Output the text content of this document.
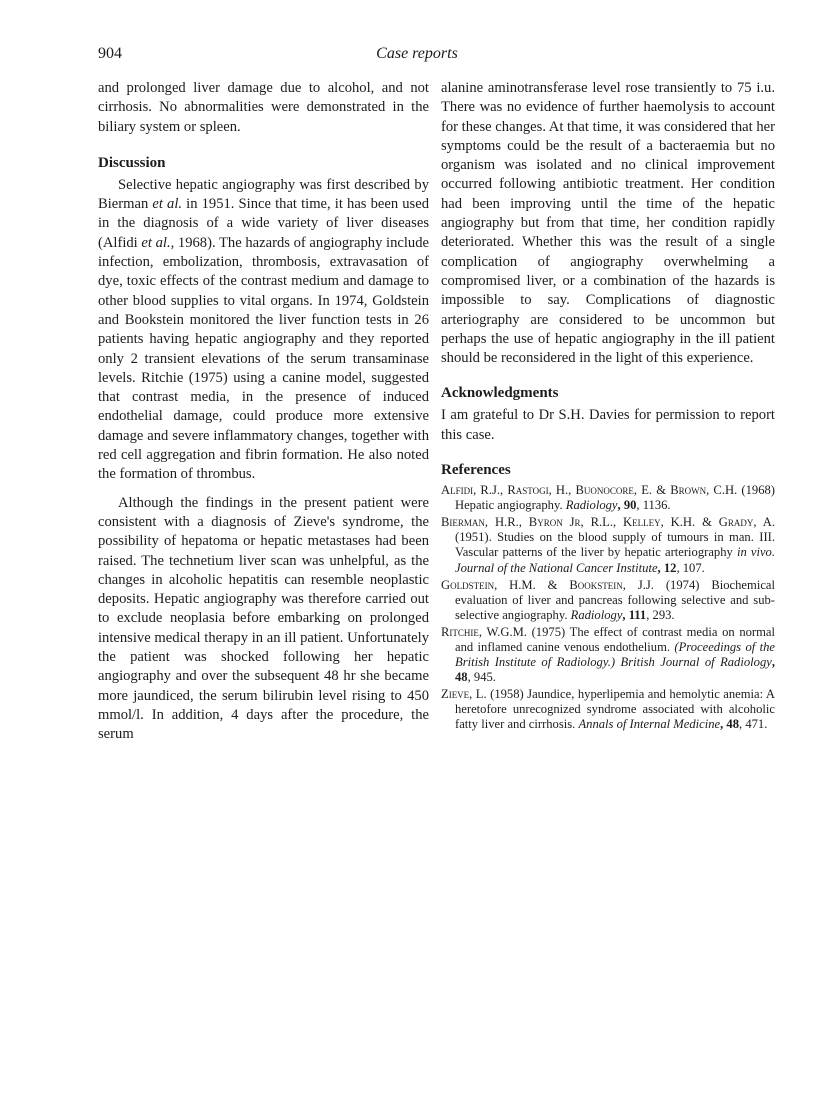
904	Case reports

and prolonged liver damage due to alcohol, and not cirrhosis. No abnormalities were demonstrated in the biliary system or spleen.

Discussion

Selective hepatic angiography was first described by Bierman et al. in 1951. Since that time, it has been used in the diagnosis of a wide variety of liver diseases (Alfidi et al., 1968). The hazards of angiography include infection, embolization, thrombosis, extravasation of dye, toxic effects of the contrast medium and damage to other blood supplies to vital organs. In 1974, Goldstein and Bookstein monitored the liver function tests in 26 patients having hepatic angiography and they reported only 2 transient elevations of the serum transaminase levels. Ritchie (1975) using a canine model, suggested that contrast media, in the presence of induced endothelial damage, could produce more extensive damage and severe inflammatory changes, together with red cell aggregation and fibrin formation. He also noted the formation of thrombus.

Although the findings in the present patient were consistent with a diagnosis of Zieve's syndrome, the possibility of hepatoma or hepatic metastases had been raised. The technetium liver scan was unhelpful, as the changes in alcoholic hepatitis can resemble neoplastic deposits. Hepatic angiography was therefore carried out to exclude neoplasia before embarking on prolonged intensive medical therapy in an ill patient. Unfortunately the patient was shocked following her hepatic angiography and over the subsequent 48 hr she became more jaundiced, the serum bilirubin level rising to 450 mmol/l. In addition, 4 days after the procedure, the serum

alanine aminotransferase level rose transiently to 75 i.u. There was no evidence of further haemolysis to account for these changes. At that time, it was considered that her symptoms could be the result of a bacteraemia but no organism was isolated and no clinical improvement occurred following antibiotic treatment. Her condition had been improving until the time of the hepatic angiography but from that time, her condition rapidly deteriorated. Whether this was the result of a single complication of angiography overwhelming a compromised liver, or a combination of the hazards is impossible to say. Complications of diagnostic arteriography are considered to be uncommon but perhaps the use of hepatic angiography in the ill patient should be reconsidered in the light of this experience.

Acknowledgments

I am grateful to Dr S.H. Davies for permission to report this case.

References

Alfidi, R.J., Rastogi, H., Buonocore, E. & Brown, C.H. (1968) Hepatic angiography. Radiology, 90, 1136.

Bierman, H.R., Byron Jr, R.L., Kelley, K.H. & Grady, A. (1951). Studies on the blood supply of tumours in man. III. Vascular patterns of the liver by hepatic arteriography in vivo. Journal of the National Cancer Institute, 12, 107.

Goldstein, H.M. & Bookstein, J.J. (1974) Biochemical evaluation of liver and pancreas following selective and sub-selective angiography. Radiology, 111, 293.

Ritchie, W.G.M. (1975) The effect of contrast media on normal and inflamed canine venous endothelium. (Proceedings of the British Institute of Radiology.) British Journal of Radiology, 48, 945.

Zieve, L. (1958) Jaundice, hyperlipemia and hemolytic anemia: A heretofore unrecognized syndrome associated with alcoholic fatty liver and cirrhosis. Annals of Internal Medicine, 48, 471.
